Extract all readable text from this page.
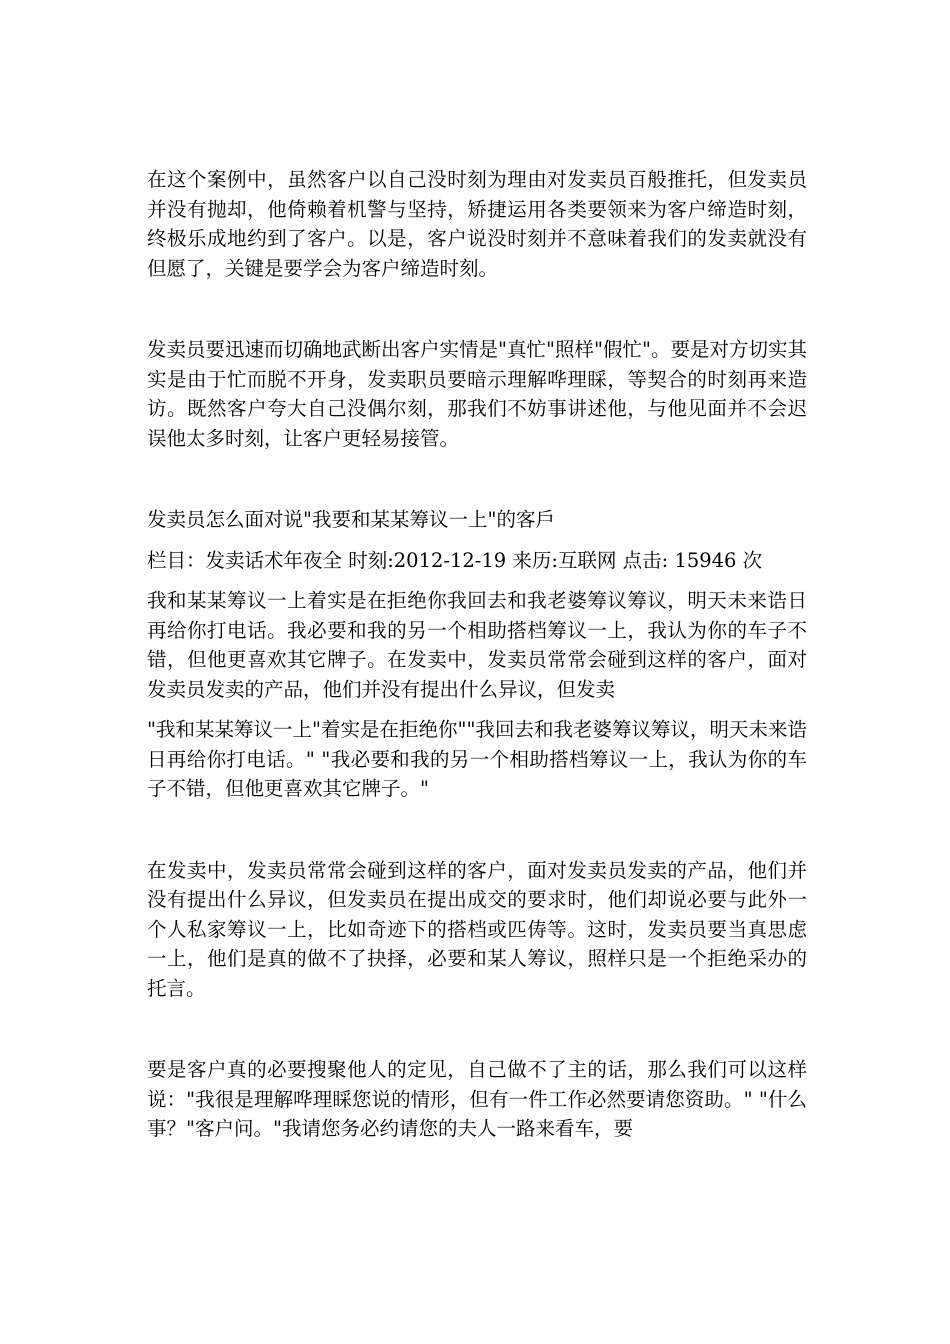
在这个案例中，虽然客户以自己没时刻为理由对发卖员百般推托，但发卖员并没有抛却，他倚赖着机警与坚持，矫捷运用各类要领来为客户缔造时刻，终极乐成地约到了客户。以是，客户说没时刻并不意味着我们的发卖就没有但愿了，关键是要学会为客户缔造时刻。

发卖员要迅速而切确地武断出客户实情是"真忙"照样"假忙"。要是对方切实其实是由于忙而脱不开身，发卖职员要暗示理解哗理睬，等契合的时刻再来造访。既然客户夸大自己没偶尔刻，那我们不妨事讲述他，与他见面并不会迟误他太多时刻，让客户更轻易接管。

发卖员怎么面对说"我要和某某筹议一上"的客戶

栏目：发卖话术年夜全 时刻:2012-12-19 来历:互联网 点击: 15946 次

我和某某筹议一上着实是在拒绝你我回去和我老婆筹议筹议，明天未来诰日再给你打电话。我必要和我的另一个相助搭档筹议一上，我认为你的车子不错，但他更喜欢其它牌子。在发卖中，发卖员常常会碰到这样的客户，面对发卖员发卖的产品，他们并没有提出什么异议，但发卖

"我和某某筹议一上"着实是在拒绝你""我回去和我老婆筹议筹议，明天未来诰日再给你打电话。" "我必要和我的另一个相助搭档筹议一上，我认为你的车子不错，但他更喜欢其它牌子。"

在发卖中，发卖员常常会碰到这样的客户，面对发卖员发卖的产品，他们并没有提出什么异议，但发卖员在提出成交的要求时，他们却说必要与此外一个人私家筹议一上，比如奇迹下的搭档或匹俦等。这时，发卖员要当真思虑一上，他们是真的做不了抉择，必要和某人筹议，照样只是一个拒绝采办的托言。

要是客户真的必要搜聚他人的定见，自己做不了主的话，那么我们可以这样说："我很是理解哗理睬您说的情形，但有一件工作必然要请您资助。" "什么事？"客户问。"我请您务必约请您的夫人一路来看车，要
